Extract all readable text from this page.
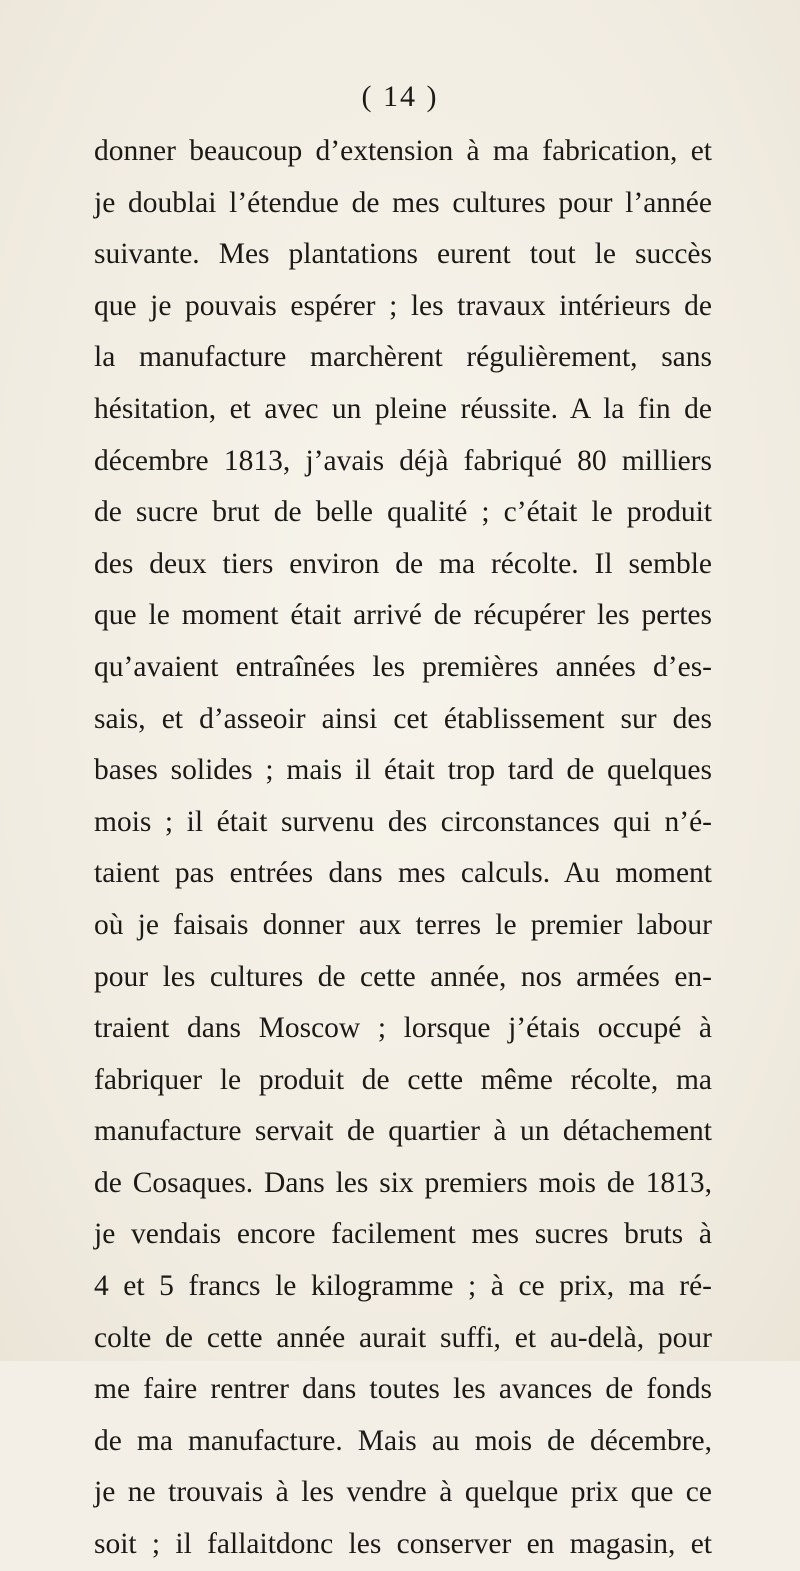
( 14 )
donner beaucoup d’extension à ma fabrication, et
je doublai l’étendue de mes cultures pour l’année
suivante. Mes plantations eurent tout le succès
que je pouvais espérer ; les travaux intérieurs de
la manufacture marchèrent régulièrement, sans
hésitation, et avec un pleine réussite. A la fin de
décembre 1813, j’avais déjà fabriqué 80 milliers
de sucre brut de belle qualité ; c’était le produit
des deux tiers environ de ma récolte. Il semble
que le moment était arrivé de récupérer les pertes
qu’avaient entraînées les premières années d’es-
sais, et d’asseoir ainsi cet établissement sur des
bases solides ; mais il était trop tard de quelques
mois ; il était survenu des circonstances qui n’é-
taient pas entrées dans mes calculs. Au moment
où je faisais donner aux terres le premier labour
pour les cultures de cette année, nos armées en-
traient dans Moscow ; lorsque j’étais occupé à
fabriquer le produit de cette même récolte, ma
manufacture servait de quartier à un détachement
de Cosaques. Dans les six premiers mois de 1813,
je vendais encore facilement mes sucres bruts à
4 et 5 francs le kilogramme ; à ce prix, ma ré-
colte de cette année aurait suffi, et au-delà, pour
me faire rentrer dans toutes les avances de fonds
de ma manufacture. Mais au mois de décembre,
je ne trouvais à les vendre à quelque prix que ce
soit ; il fallaitdonc les conserver en magasin, et
